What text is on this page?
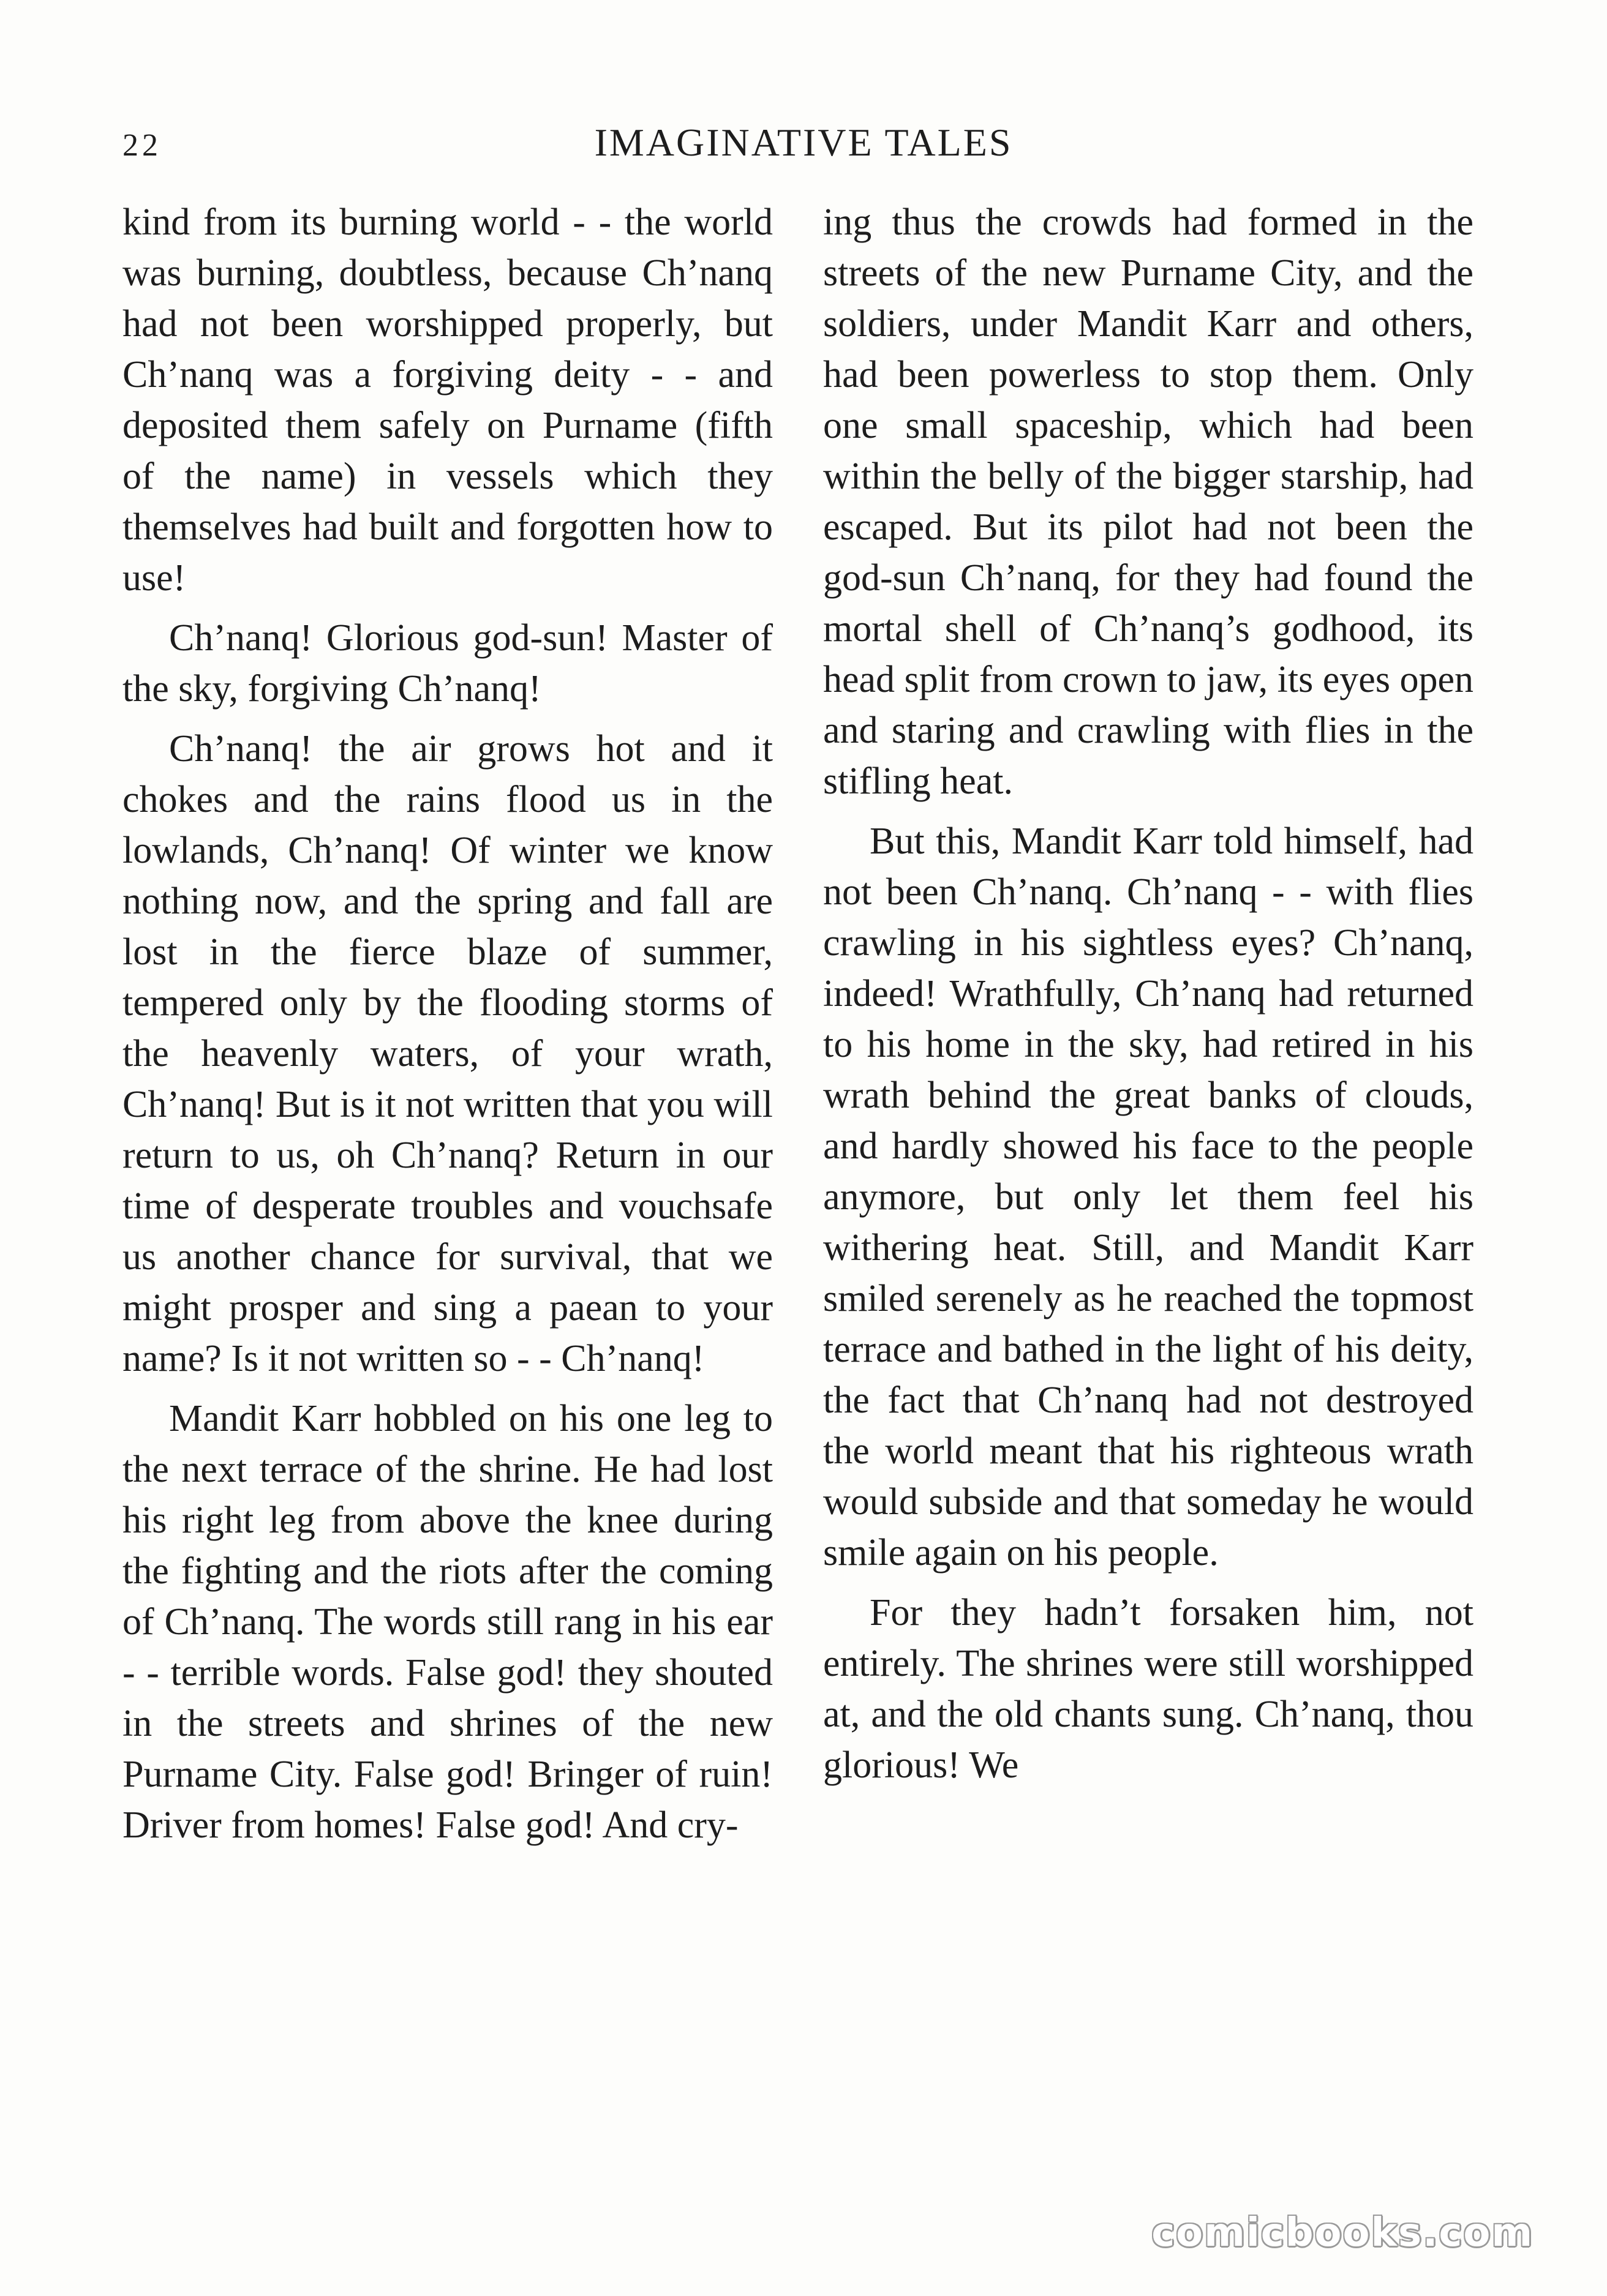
22	IMAGINATIVE TALES

kind from its burning world - - the world was burning, doubtless, because Ch’nanq had not been worshipped properly, but Ch’nanq was a forgiving deity - - and deposited them safely on Purname (fifth of the name) in vessels which they themselves had built and forgotten how to use!

Ch’nanq! Glorious god-sun! Master of the sky, forgiving Ch’nanq!

Ch’nanq! the air grows hot and it chokes and the rains flood us in the lowlands, Ch’nanq! Of winter we know nothing now, and the spring and fall are lost in the fierce blaze of summer, tempered only by the flooding storms of the heavenly waters, of your wrath, Ch’nanq! But is it not written that you will return to us, oh Ch’nanq? Return in our time of desperate troubles and vouchsafe us another chance for survival, that we might prosper and sing a paean to your name? Is it not written so - - Ch’nanq!

Mandit Karr hobbled on his one leg to the next terrace of the shrine. He had lost his right leg from above the knee during the fighting and the riots after the coming of Ch’nanq. The words still rang in his ear - - terrible words. False god! they shouted in the streets and shrines of the new Purname City. False god! Bringer of ruin! Driver from homes! False god! And cry-

ing thus the crowds had formed in the streets of the new Purname City, and the soldiers, under Mandit Karr and others, had been powerless to stop them. Only one small spaceship, which had been within the belly of the bigger starship, had escaped. But its pilot had not been the god-sun Ch’nanq, for they had found the mortal shell of Ch’nanq’s godhood, its head split from crown to jaw, its eyes open and staring and crawling with flies in the stifling heat.

But this, Mandit Karr told himself, had not been Ch’nanq. Ch’nanq - - with flies crawling in his sightless eyes? Ch’nanq, indeed! Wrathfully, Ch’nanq had returned to his home in the sky, had retired in his wrath behind the great banks of clouds, and hardly showed his face to the people anymore, but only let them feel his withering heat. Still, and Mandit Karr smiled serenely as he reached the topmost terrace and bathed in the light of his deity, the fact that Ch’nanq had not destroyed the world meant that his righteous wrath would subside and that someday he would smile again on his people.

For they hadn’t forsaken him, not entirely. The shrines were still worshipped at, and the old chants sung. Ch’nanq, thou glorious! We

comicbooks.com
